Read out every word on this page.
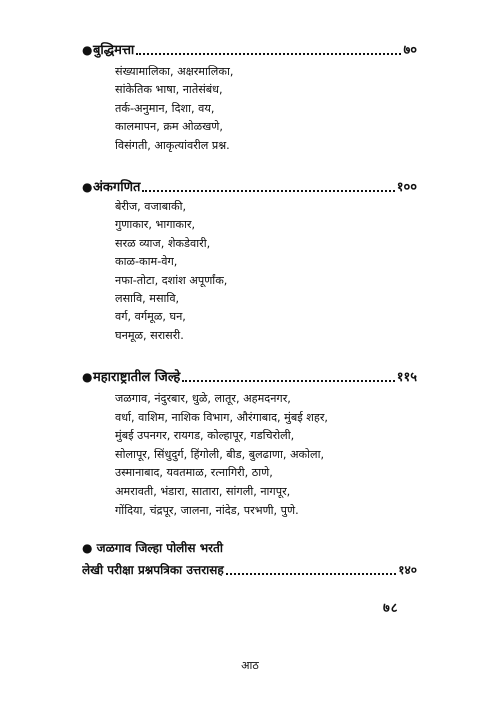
● बुद्धिमत्ता	७०
संख्यामालिका, अक्षरमालिका,
सांकेतिक भाषा, नातेसंबंध,
तर्क-अनुमान, दिशा, वय,
कालमापन, क्रम ओळखणे,
विसंगती, आकृत्यांवरील प्रश्न.
● अंकगणित	१००
बेरीज, वजाबाकी,
गुणाकार, भागाकार,
सरळ व्याज, शेकडेवारी,
काळ-काम-वेग,
नफा-तोटा, दशांश अपूर्णांक,
लसावि, मसावि,
वर्ग, वर्गमूळ, घन,
घनमूळ, सरासरी.
● महाराष्ट्रातील जिल्हे	११५
जळगाव, नंदुरबार, धुळे, लातूर, अहमदनगर,
वर्धा, वाशिम, नाशिक विभाग, औरंगाबाद, मुंबई शहर,
मुंबई उपनगर, रायगड, कोल्हापूर, गडचिरोली,
सोलापूर, सिंधुदुर्ग, हिंगोली, बीड, बुलढाणा, अकोला,
उस्मानाबाद, यवतमाळ, रत्नागिरी, ठाणे,
अमरावती, भंडारा, सातारा, सांगली, नागपूर,
गोंदिया, चंद्रपूर, जालना, नांदेड, परभणी, पुणे.
● जळगाव जिल्हा पोलीस भरती
लेखी परीक्षा प्रश्नपत्रिका उत्तरासह	१४०
७८
आठ
